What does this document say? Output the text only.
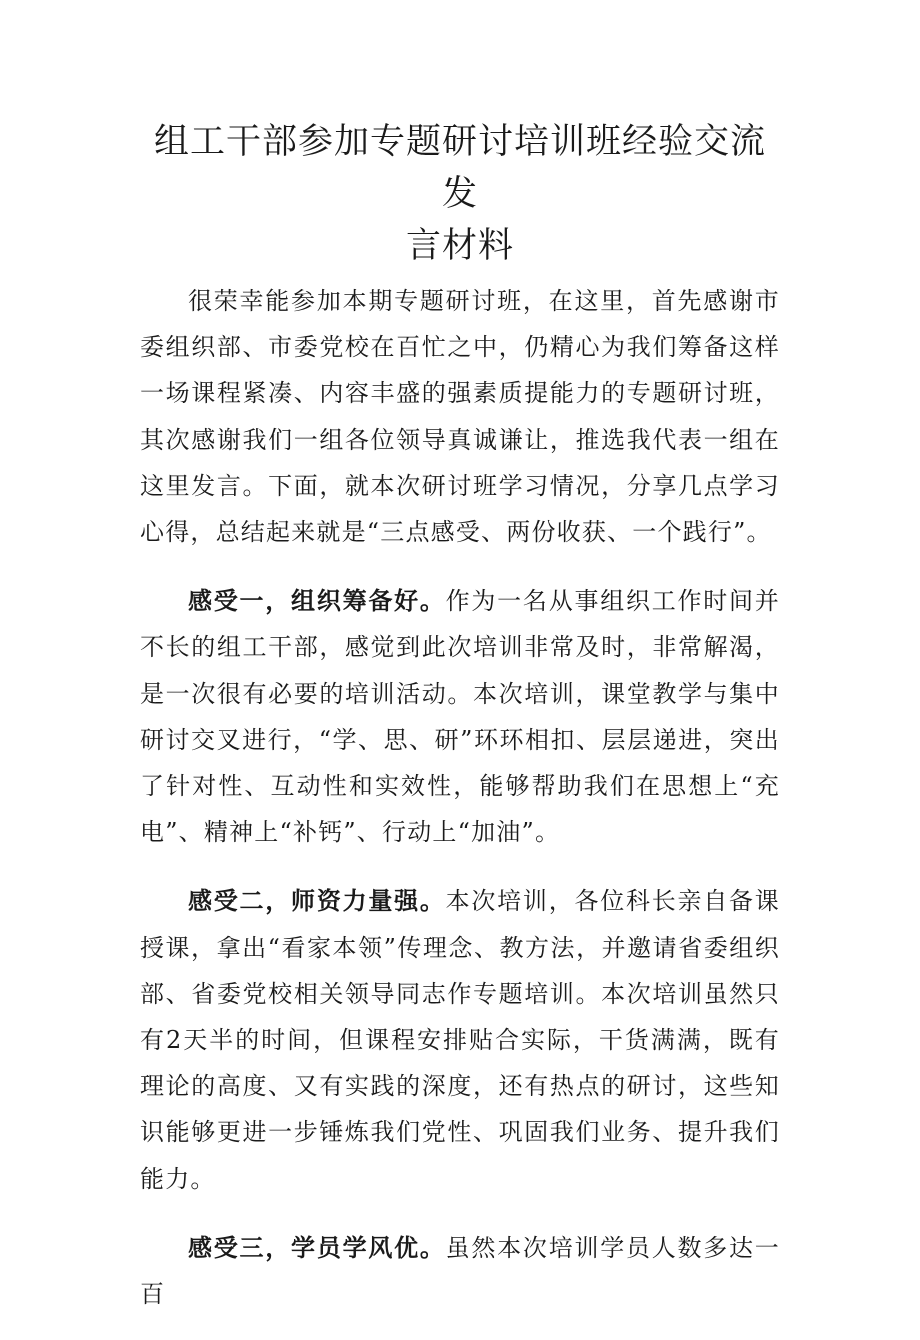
组工干部参加专题研讨培训班经验交流发
言材料

很荣幸能参加本期专题研讨班，在这里，首先感谢市委组织部、市委党校在百忙之中，仍精心为我们筹备这样一场课程紧凑、内容丰盛的强素质提能力的专题研讨班，其次感谢我们一组各位领导真诚谦让，推选我代表一组在这里发言。下面，就本次研讨班学习情况，分享几点学习心得，总结起来就是“三点感受、两份收获、一个践行”。

感受一，组织筹备好。作为一名从事组织工作时间并不长的组工干部，感觉到此次培训非常及时，非常解渴，是一次很有必要的培训活动。本次培训，课堂教学与集中研讨交叉进行，“学、思、研”环环相扣、层层递进，突出了针对性、互动性和实效性，能够帮助我们在思想上“充电”、精神上“补钙”、行动上“加油”。

感受二，师资力量强。本次培训，各位科长亲自备课授课，拿出“看家本领”传理念、教方法，并邀请省委组织部、省委党校相关领导同志作专题培训。本次培训虽然只有2天半的时间，但课程安排贴合实际，干货满满，既有理论的高度、又有实践的深度，还有热点的研讨，这些知识能够更进一步锤炼我们党性、巩固我们业务、提升我们能力。

感受三，学员学风优。虽然本次培训学员人数多达一百
